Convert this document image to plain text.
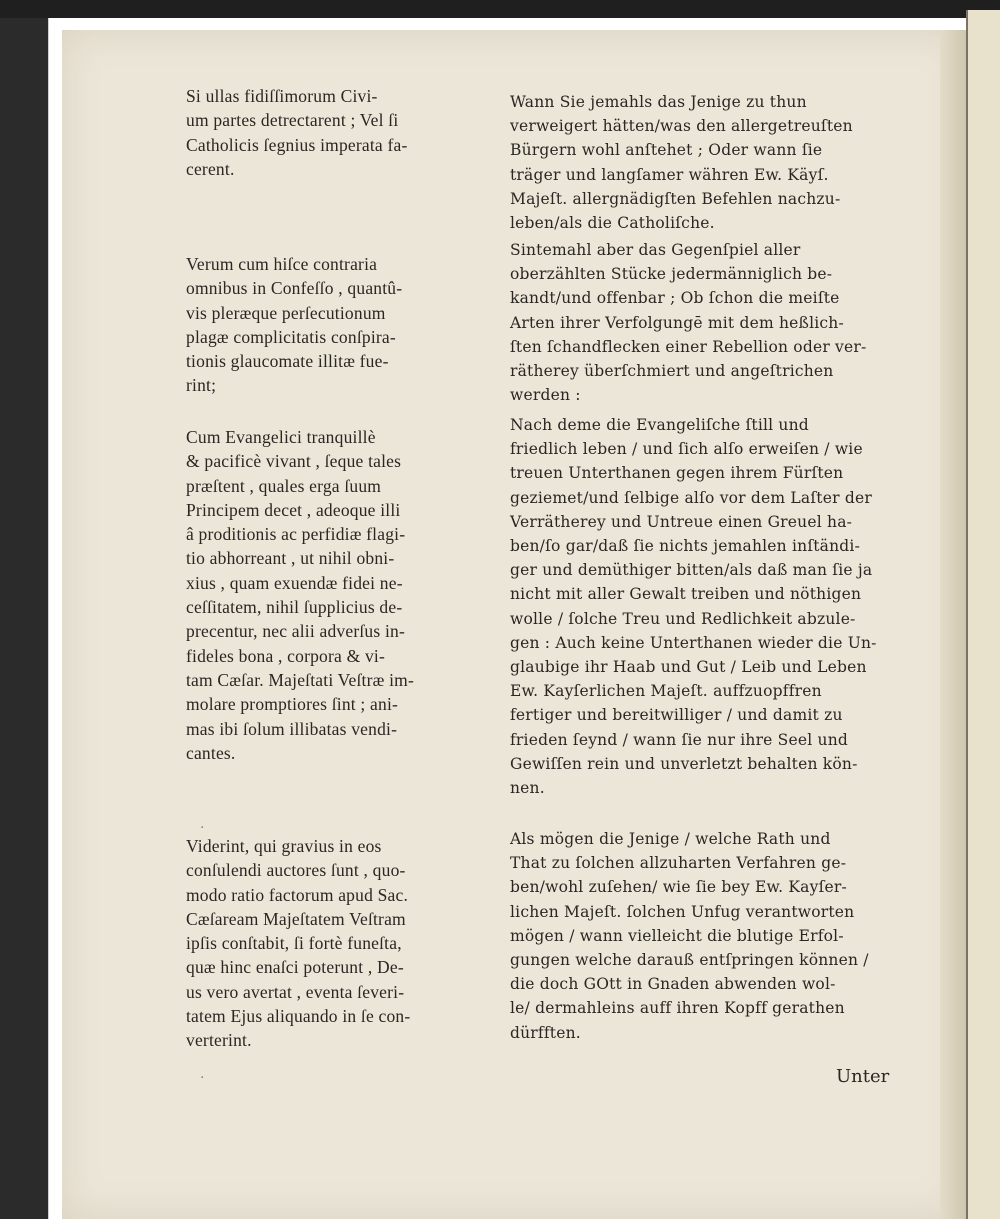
Si ullas fidiſſimorum Civi-
um partes detrectarent ; Vel ſi
Catholicis ſegnius imperata fa-
cerent.

Verum cum hiſce contraria
omnibus in Confeſſo , quantû-
vis pleræque perſecutionum
plagæ complicitatis conſpira-
tionis glaucomate illitæ fue-
rint;

Cum Evangelici tranquillè
& pacificè vivant , ſeque tales
præſtent , quales erga ſuum
Principem decet , adeoque illi
â proditionis ac perfidiæ flagi-
tio abhorreant , ut nihil obni-
xius , quam exuendæ fidei ne-
ceſſitatem, nihil ſupplicius de-
precentur, nec alii adverſus in-
fideles bona , corpora & vi-
tam Cæſar. Majeſtati Veſtræ im-
molare promptiores ſint ; ani-
mas ibi ſolum illibatas vendi-
cantes.

Viderint, qui gravius in eos
conſulendi auctores ſunt , quo-
modo ratio factorum apud Sac.
Cæſaream Majeſtatem Veſtram
ipſis conſtabit, ſi fortè funeſta,
quæ hinc enaſci poterunt , De-
us vero avertat , eventa ſeveri-
tatem Ejus aliquando in ſe con-
verterint.

Wann Sie jemahls das Jenige zu thun
verweigert hätten/was den allergetreuſten
Bürgern wohl anſtehet ; Oder wann ſie
träger und langſamer währen Ew. Käyſ.
Majeſt. allergnädigſten Befehlen nachzu-
leben/als die Catholiſche.

Sintemahl aber das Gegenſpiel aller
oberzählten Stücke jedermänniglich be-
kandt/und offenbar ; Ob ſchon die meiſte
Arten ihrer Verfolgungē mit dem heßlich-
ſten ſchandflecken einer Rebellion oder ver-
rätherey überſchmiert und angeſtrichen
werden :

Nach deme die Evangeliſche ſtill und
friedlich leben / und ſich alſo erweiſen / wie
treuen Unterthanen gegen ihrem Fürſten
geziemet/und ſelbige alſo vor dem Laſter der
Verrätherey und Untreue einen Greuel ha-
ben/ſo gar/daß ſie nichts jemahlen inſtändi-
ger und demüthiger bitten/als daß man ſie ja
nicht mit aller Gewalt treiben und nöthigen
wolle / ſolche Treu und Redlichkeit abzule-
gen : Auch keine Unterthanen wieder die Un-
glaubige ihr Haab und Gut / Leib und Leben
Ew. Kayſerlichen Majeſt. auffzuopffren
fertiger und bereitwilliger / und damit zu
frieden ſeynd / wann ſie nur ihre Seel und
Gewiſſen rein und unverletzt behalten kön-
nen.

Als mögen die Jenige / welche Rath und
That zu ſolchen allzuharten Verfahren ge-
ben/wohl zuſehen/ wie ſie bey Ew. Kayſer-
lichen Majeſt. ſolchen Unfug verantworten
mögen / wann vielleicht die blutige Erfol-
gungen welche darauß entſpringen können /
die doch GOtt in Gnaden abwenden wol-
le/ dermahleins auff ihren Kopff gerathen
dürfften.

Unter

·
·
